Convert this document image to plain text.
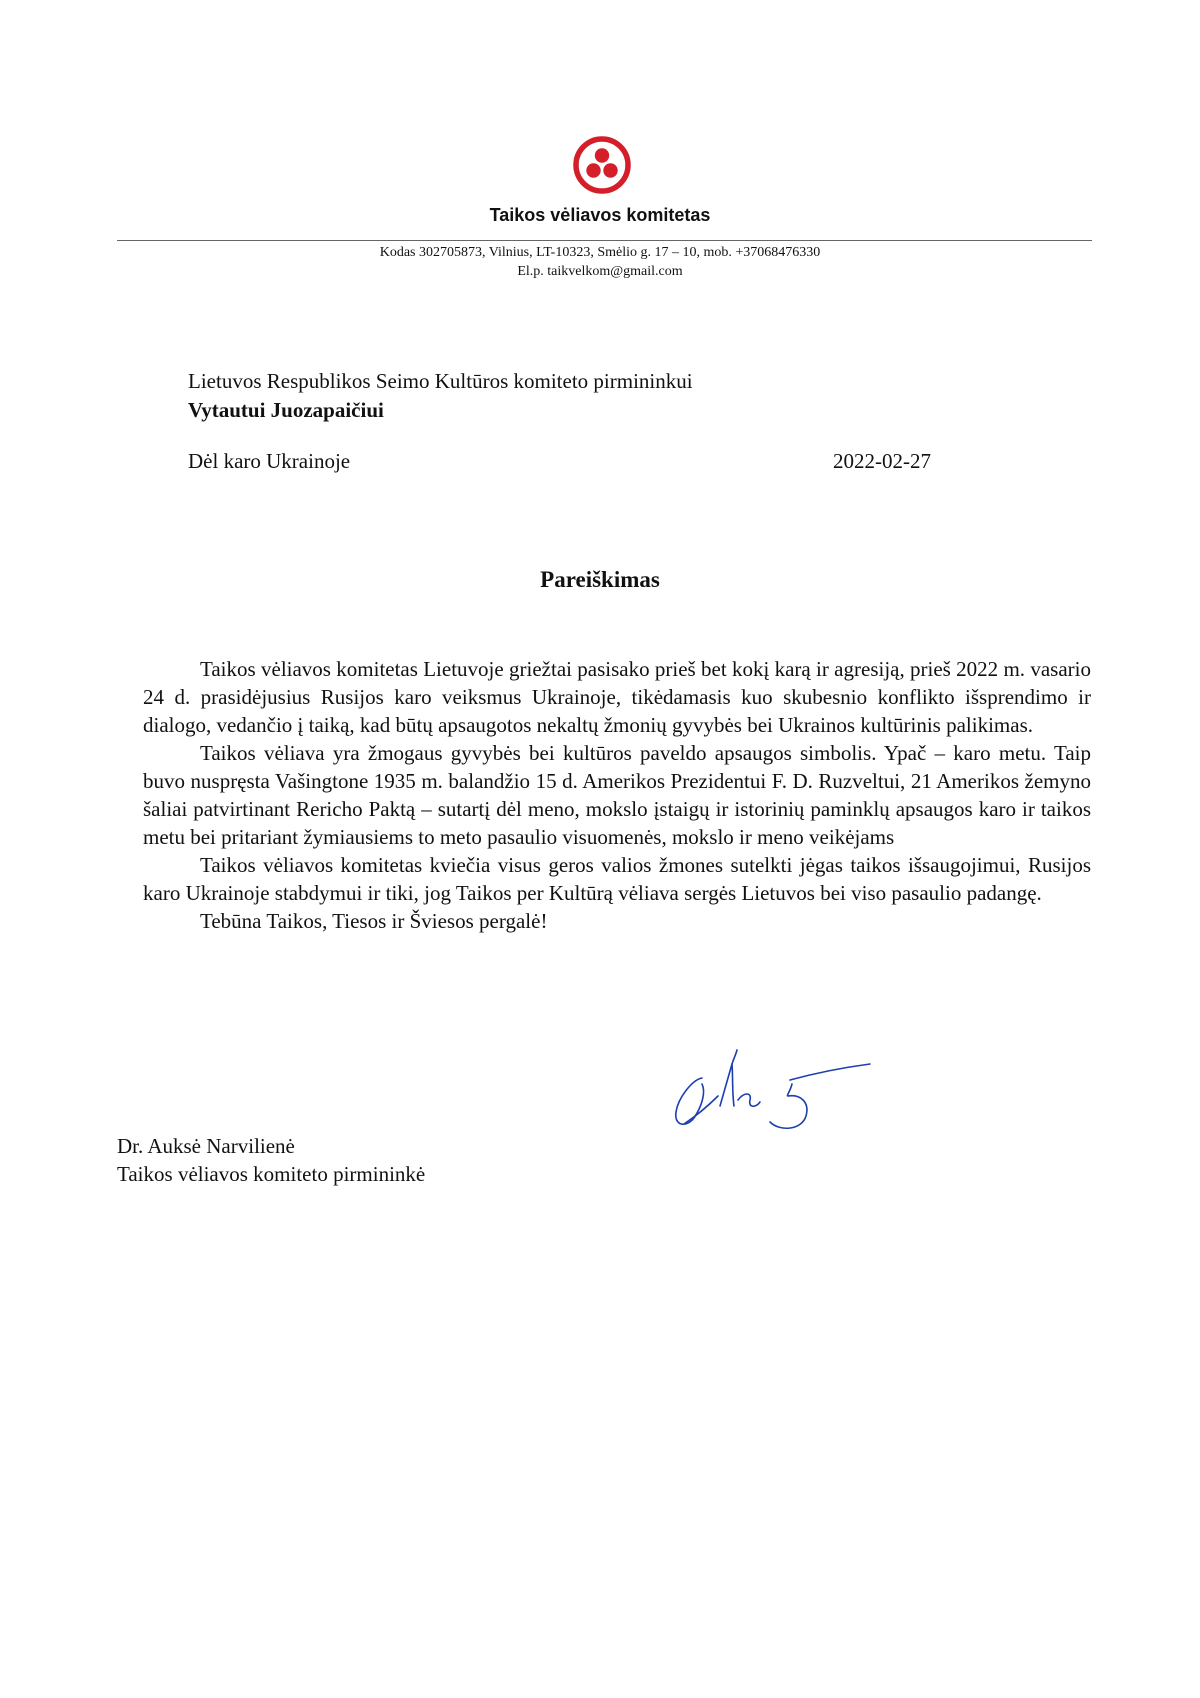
Taikos vėliavos komitetas
Kodas 302705873, Vilnius, LT-10323, Smėlio g. 17 – 10, mob. +37068476330
El.p. taikvelkom@gmail.com
Lietuvos Respublikos Seimo Kultūros komiteto pirmininkui
Vytautui Juozapaičiui
Dėl karo Ukrainoje	2022-02-27
Pareiškimas

Taikos vėliavos komitetas Lietuvoje griežtai pasisako prieš bet kokį karą ir agresiją, prieš 2022 m. vasario 24 d. prasidėjusius Rusijos karo veiksmus Ukrainoje, tikėdamasis kuo skubesnio konflikto išsprendimo ir dialogo, vedančio į taiką, kad būtų apsaugotos nekaltų žmonių gyvybės bei Ukrainos kultūrinis palikimas.

Taikos vėliava yra žmogaus gyvybės bei kultūros paveldo apsaugos simbolis. Ypač – karo metu. Taip buvo nuspręsta Vašingtone 1935 m. balandžio 15 d. Amerikos Prezidentui F. D. Ruzveltui, 21 Amerikos žemyno šaliai patvirtinant Rericho Paktą – sutartį dėl meno, mokslo įstaigų ir istorinių paminklų apsaugos karo ir taikos metu bei pritariant žymiausiems to meto pasaulio visuomenės, mokslo ir meno veikėjams

Taikos vėliavos komitetas kviečia visus geros valios žmones sutelkti jėgas taikos išsaugojimui, Rusijos karo Ukrainoje stabdymui ir tiki, jog Taikos per Kultūrą vėliava sergės Lietuvos bei viso pasaulio padangę.

Tebūna Taikos, Tiesos ir Šviesos pergalė!

Dr. Auksė Narvilienė
Taikos vėliavos komiteto pirmininkė
